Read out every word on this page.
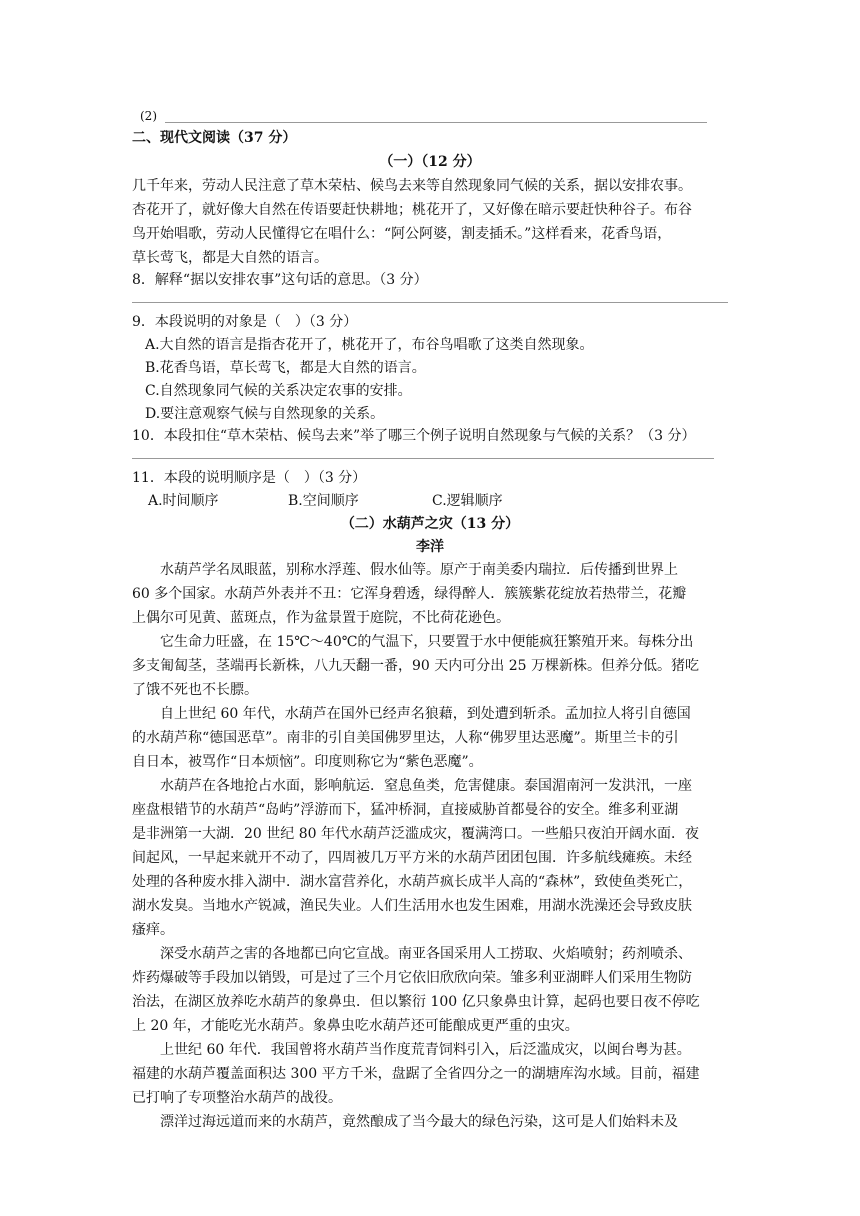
(2)
二、现代文阅读（37 分）
（一）（12 分）
几千年来，劳动人民注意了草木荣枯、候鸟去来等自然现象同气候的关系，据以安排农事。
杏花开了，就好像大自然在传语要赶快耕地；桃花开了，又好像在暗示要赶快种谷子。布谷
鸟开始唱歌，劳动人民懂得它在唱什么：“阿公阿婆，割麦插禾。”这样看来，花香鸟语，
草长莺飞，都是大自然的语言。
8．解释“据以安排农事”这句话的意思。（3 分）
9．本段说明的对象是（　）（3 分）
A.大自然的语言是指杏花开了，桃花开了，布谷鸟唱歌了这类自然现象。
B.花香鸟语，草长莺飞，都是大自然的语言。
C.自然现象同气候的关系决定农事的安排。
D.要注意观察气候与自然现象的关系。
10．本段扣住“草木荣枯、候鸟去来”举了哪三个例子说明自然现象与气候的关系？（3 分）
11．本段的说明顺序是（　）（3 分）
A.时间顺序	B.空间顺序	C.逻辑顺序
（二）水葫芦之灾（13 分）
李洋
　　水葫芦学名凤眼蓝，别称水浮莲、假水仙等。原产于南美委内瑞拉．后传播到世界上
60 多个国家。水葫芦外表并不丑：它浑身碧透，绿得醉人．簇簇紫花绽放若热带兰，花瓣
上偶尔可见黄、蓝斑点，作为盆景置于庭院，不比荷花逊色。
　　它生命力旺盛，在 15℃～40℃的气温下，只要置于水中便能疯狂繁殖开来。每株分出
多支匍匐茎，茎端再长新株，八九天翻一番，90 天内可分出 25 万棵新株。但养分低。猪吃
了饿不死也不长膘。
　　自上世纪 60 年代，水葫芦在国外已经声名狼藉，到处遭到斩杀。孟加拉人将引自德国
的水葫芦称“德国恶草”。南非的引自美国佛罗里达，人称“佛罗里达恶魔”。斯里兰卡的引
自日本，被骂作“日本烦恼”。印度则称它为“紫色恶魔”。
　　水葫芦在各地抢占水面，影响航运．窒息鱼类，危害健康。泰国湄南河一发洪汛，一座
座盘根错节的水葫芦“岛屿”浮游而下，猛冲桥洞，直接威胁首都曼谷的安全。维多利亚湖
是非洲第一大湖．20 世纪 80 年代水葫芦泛滥成灾，覆满湾口。一些船只夜泊开阔水面．夜
间起风，一早起来就开不动了，四周被几万平方米的水葫芦团团包围．许多航线瘫痪。未经
处理的各种废水排入湖中．湖水富营养化，水葫芦疯长成半人高的“森林”，致使鱼类死亡，
湖水发臭。当地水产锐减，渔民失业。人们生活用水也发生困难，用湖水洗澡还会导致皮肤
瘙痒。
　　深受水葫芦之害的各地都已向它宣战。南亚各国采用人工捞取、火焰喷射；药剂喷杀、
炸药爆破等手段加以销毁，可是过了三个月它依旧欣欣向荣。雏多利亚湖畔人们采用生物防
治法，在湖区放养吃水葫芦的象鼻虫．但以繁衍 100 亿只象鼻虫计算，起码也要日夜不停吃
上 20 年，才能吃光水葫芦。象鼻虫吃水葫芦还可能酿成更严重的虫灾。
　　上世纪 60 年代．我国曾将水葫芦当作度荒青饲料引入，后泛滥成灾，以闽台粤为甚。
福建的水葫芦覆盖面积达 300 平方千米，盘踞了全省四分之一的湖塘库沟水域。目前，福建
已打响了专项整治水葫芦的战役。
　　漂洋过海远道而来的水葫芦，竟然酿成了当今最大的绿色污染，这可是人们始料未及
